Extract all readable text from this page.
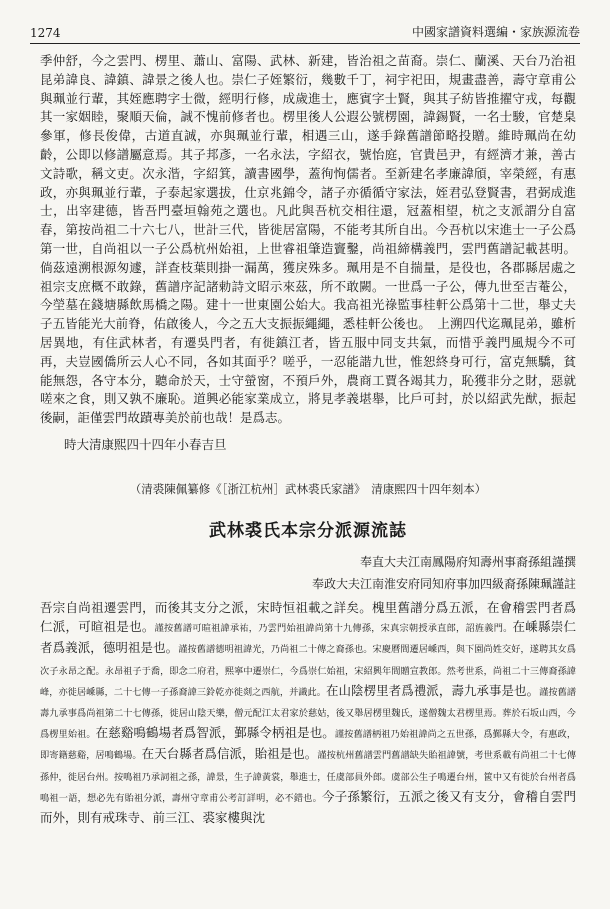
1274	中國家譜資料選編・家族源流卷

季仲舒，今之雲門、楞里、蕭山、富陽、武林、新建，皆治祖之苗裔。崇仁、蘭溪、天台乃治祖昆弟諱良、諱鎮、諱景之後人也。崇仁子姪繁衍，幾數千丁，祠宇祀田，規畫盡善，壽守章甫公與珮並行輩，其姪應聘字士微，經明行修，成歲進士，應賓字士賢，與其子紡皆推擢守戎，每觀其一家姻睦，聚順天倫，誠不愧前修者也。楞里後人公遐公號楞園，諱錫賢，一名士駿，官楚臬參軍，修長俊偉，古道直誠，亦與珮並行輩，相遇三山，遂手錄舊譜節略投贈。維時珮尚在幼齡，公即以修譜屬意焉。其子邦彥，一名永法，字紹衣，號怡庭，官貴邑尹，有經濟才兼，善古文詩歌，稱文吏。次永湝，字紹箕，讀書國學，蓋徇恂儒者。至新建名孝廉諱頎，宰榮經，有惠政，亦與珮並行輩，子泰起家選拔，仕京兆錦令，諸子亦循循守家法，姪君弘登賢書，君弼成進士，出宰建德，皆吾門臺垣翰苑之選也。凡此與吾杭交相往還，冠蓋相望，杭之支派謂分自富春，第按尚祖二十六七八，世計三代，皆徙居富陽，不能考其所自出。今吾杭以宋進士一子公爲第一世，自尚祖以一子公爲杭州始祖，上世睿祖肇造竇鑿，尚祖締構義門，雲門舊譜記載甚明。倘茲遠溯根源匆遽，詳查枝葉則掛一漏萬，獲戾殊多。珮用是不自揣量，是役也，各郡縣居處之祖宗支庶概不敢錄，舊譜序記諸勅詩文昭示來茲，所不敢闕。一世爲一子公，傳九世至吉菴公，今塋墓在錢塘縣飲馬橋之陽。建十一世東園公始大。我高祖光祿監事桂軒公爲第十二世，舉丈夫子五皆能光大前脊，佑啟後人，今之五大支振振繩繩，悉桂軒公後也。　上溯四代迄珮昆弟，雖析居異地，有住武林者，有遷吳門者，有徙鎮江者，皆五服中同支共氣，而惜乎義門風規今不可再，夫豈國僑所云人心不同，各如其面乎？嗟乎，一忍能諧九世，惟恕終身可行，富克無驕，貧能無怨，各守本分，聽命於天，士守螢窗，不預戶外，農商工賈各竭其力，恥獲非分之財，惡就嗟來之食，則又孰不廉恥。道興必能家業成立，將見孝義堪舉，比戶可封，於以紹武先猷，振起後嗣，詎僅雲門故蹟專美於前也哉！是爲志。

時大清康熙四十四年小春吉旦

（清裘陳佩纂修《［浙江杭州］武林裘氏家譜》　清康熙四十四年刻本）

武林裘氏本宗分派源流誌

奉直大夫江南鳳陽府知壽州事裔孫組謹撰

奉政大夫江南淮安府同知府事加四級裔孫陳珮謹註

吾宗自尚祖遷雲門，而後其支分之派，宋時恒祖載之詳矣。槐里舊譜分爲五派，在會稽雲門者爲仁派，可暄祖是也。謹按舊譜可暄祖諱承祐，乃雲門始祖諱尚第十九傳孫，宋真宗朝授承直郎，詔旌義門。在嵊縣崇仁者爲義派，德明祖是也。謹按舊譜德明祖諱光，乃尚祖二十傳之裔孫也。宋慶曆間遷居嵊西，與下園尚姓交好，遂聘其女爲次子永昂之配。永昂祖子于喬，即念二府君，熙寧中遷崇仁，今爲崇仁始祖，宋紹興年間贈宣教郎。然考世系，尚祖二十三傳裔孫諱峰，亦徙居嵊縣，二十七傳一子孫裔諱三鈴乾亦徙剡之西航，并識此。在山陰楞里者爲禮派，壽九承事是也。謹按舊譜壽九承事爲尚祖第二十七傳孫，徙居山陰天樂，僧元配江太君家於慈姑，後又舉居楞里魏氏，遂僧魏太君楞里焉。葬於石坂山西，今爲楞里始祖。在慈谿鳴鶴場者爲智派，鄞縣令柄祖是也。謹按舊譜柄祖乃始祖諱尚之五世孫，爲鄞縣大令，有惠政，即寄籍慈谿，居鳴鶴場。在天台縣者爲信派，貽祖是也。謹按杭州舊譜雲門舊譜缺失貽祖諱號，考世系載有尚祖二十七傳孫仲，徙居台州。按鳴祖乃承詞祖之孫，諱景，生子諱黃裳，舉進士，任虞部員外郎。虞部公生子鳴遷台州，篋中又有徙於台州者爲鳴祖一語，想必先有貽祖分派，壽州守章甫公考訂詳明，必不錯也。今子孫繁衍，五派之後又有支分，會稽自雲門而外，則有戒珠寺、前三江、裘家樓與沈
